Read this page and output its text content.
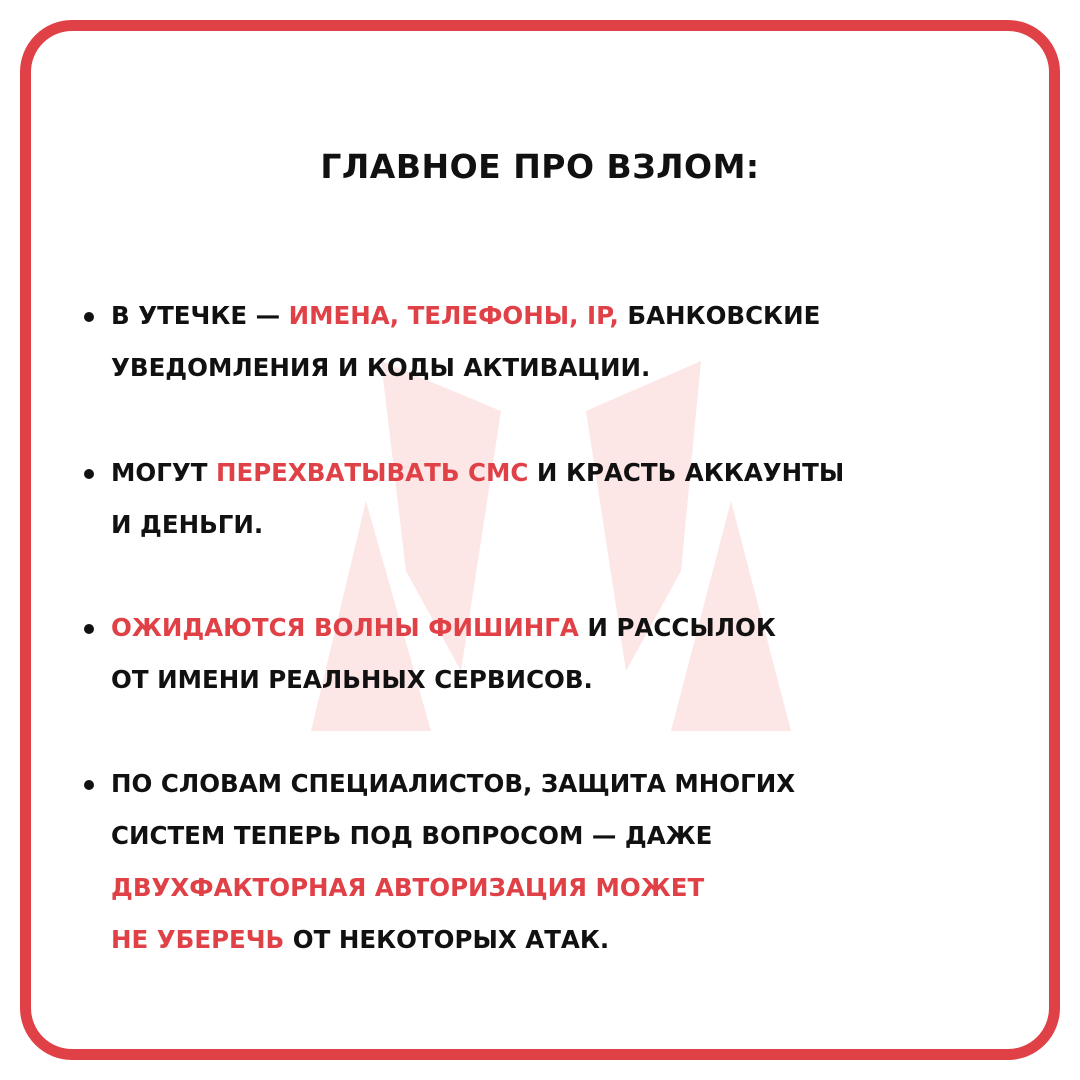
ГЛАВНОЕ ПРО ВЗЛОМ:
В УТЕЧКЕ — ИМЕНА, ТЕЛЕФОНЫ, IP, БАНКОВСКИЕ
УВЕДОМЛЕНИЯ И КОДЫ АКТИВАЦИИ.
МОГУТ ПЕРЕХВАТЫВАТЬ СМС И КРАСТЬ АККАУНТЫ
И ДЕНЬГИ.
ОЖИДАЮТСЯ ВОЛНЫ ФИШИНГА И РАССЫЛОК
ОТ ИМЕНИ РЕАЛЬНЫХ СЕРВИСОВ.
ПО СЛОВАМ СПЕЦИАЛИСТОВ, ЗАЩИТА МНОГИХ
СИСТЕМ ТЕПЕРЬ ПОД ВОПРОСОМ — ДАЖЕ
ДВУХФАКТОРНАЯ АВТОРИЗАЦИЯ МОЖЕТ
НЕ УБЕРЕЧЬ ОТ НЕКОТОРЫХ АТАК.
